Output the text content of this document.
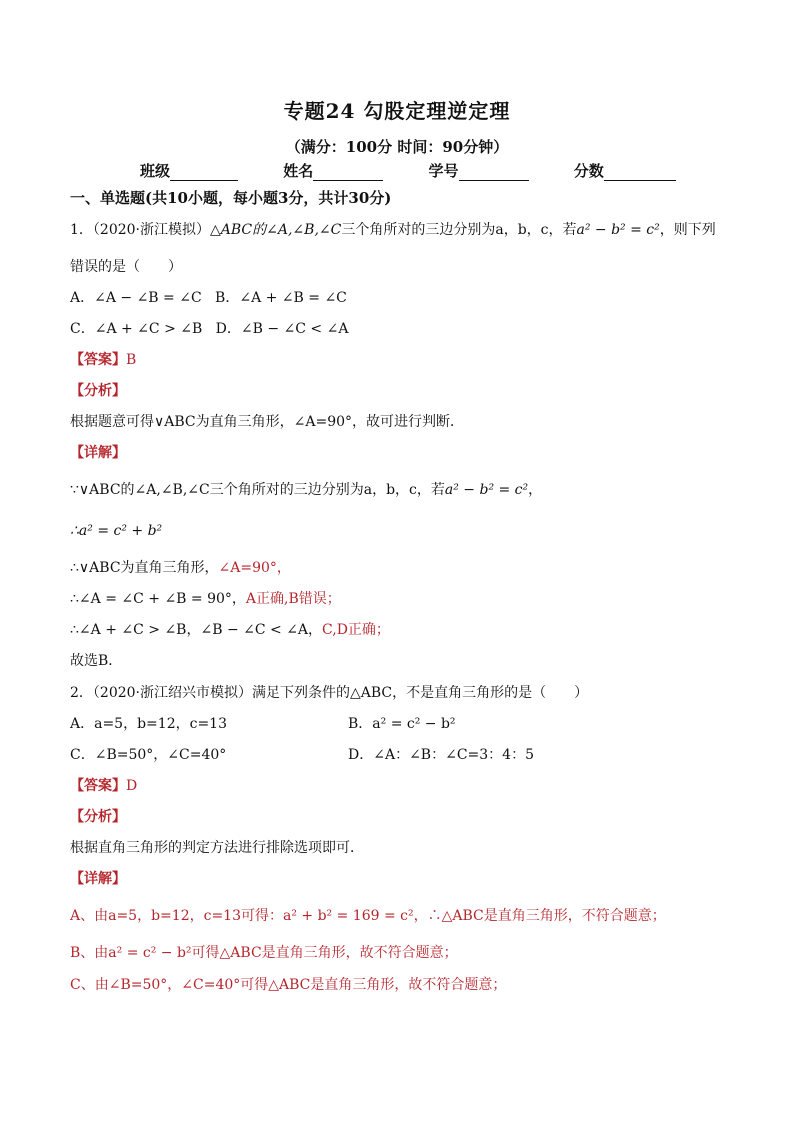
专题24 勾股定理逆定理
（满分：100分 时间：90分钟）
班级	姓名	学号	分数
一、单选题(共10小题，每小题3分，共计30分)
1．（2020·浙江模拟）△ABC的∠A,∠B,∠C三个角所对的三边分别为a，b，c，若a² − b² = c²，则下列
错误的是（　　）
A．∠A − ∠B = ∠C B．∠A + ∠B = ∠C
C．∠A + ∠C > ∠B D．∠B − ∠C < ∠A
【答案】B
【分析】
根据题意可得∨ABC为直角三角形，∠A=90°，故可进行判断．
【详解】
∵∨ABC的∠A,∠B,∠C三个角所对的三边分别为a，b，c，若a² − b² = c²，
∴a² = c² + b²
∴∨ABC为直角三角形，∠A=90°，
∴∠A = ∠C + ∠B = 90°，A正确,B错误；
∴∠A + ∠C > ∠B，∠B − ∠C < ∠A，C,D正确；
故选B．
2．（2020·浙江绍兴市模拟）满足下列条件的△ABC，不是直角三角形的是（　　）
A．a=5，b=12，c=13	B．a² = c² − b²
C．∠B=50°，∠C=40°	D．∠A：∠B：∠C=3：4：5
【答案】D
【分析】
根据直角三角形的判定方法进行排除选项即可．
【详解】
A、由a=5，b=12，c=13可得：a² + b² = 169 = c²，∴△ABC是直角三角形，不符合题意；
B、由a² = c² − b²可得△ABC是直角三角形，故不符合题意；
C、由∠B=50°，∠C=40°可得△ABC是直角三角形，故不符合题意；
